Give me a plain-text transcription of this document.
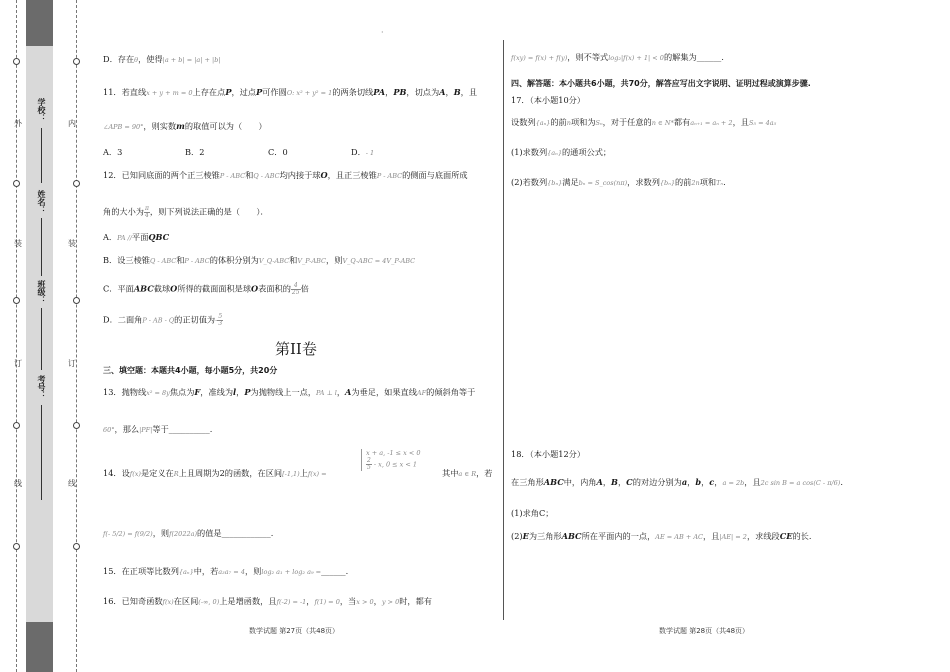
外
装
订
线
内
装
订
线
学校：
姓名：
班级：
考号：
·
D．存在θ，使得|a + b| = |a| + |b|
11．若直线x + y + m = 0上存在点P，过点P可作圆O: x² + y² = 1的两条切线PA，PB，切点为A，B，且
∠APB = 90°，则实数m的取值可以为（　　）
A．3	B．2	C．0	D．- 1
12．已知同底面的两个正三棱锥P - ABC和Q - ABC均内接于球O，且正三棱锥P - ABC的侧面与底面所成
角的大小为 $\frac{\pi}{4}$ ，则下列说法正确的是（　　）．
A．PA //平面QBC
B．设三棱锥Q - ABC和P - ABC的体积分别为V_Q-ABC和V_P-ABC，则V_Q-ABC = 4V_P-ABC
C．平面ABC截球O所得的截面面积是球O表面积的 $\frac{4}{25}$ 倍
D．二面角P - AB - Q的正切值为- $\frac{5}{3}$
第II卷
三、填空题：本题共4小题，每小题5分，共20分
13．抛物线x² = 8y焦点为F，准线为l，P为抛物线上一点，PA ⊥ l，A为垂足，如果直线AF的倾斜角等于
60°，那么|PF|等于__________.
14．设f(x)是定义在R上且周期为2的函数，在区间[-1,1)上f(x) =
x + a, -1 ≤ x < 0
$\frac{2}{5}$ - x, 0 ≤ x < 1
其中a ∈ R，若
f(- 5/2) = f(9/2)，则f(2022a)的值是____________.
15．在正项等比数列{aₙ}中，若a₃a₇ = 4，则log₂ a₁ + log₂ a₉ =______.
16．已知奇函数f(x)在区间(-∞, 0)上是增函数，且f(-2) = -1，f(1) = 0，当x > 0，y > 0时，都有
数学试题 第27页（共48页）
f(xy) = f(x) + f(y)，则不等式log₂|f(x) + 1| < 0的解集为______.
四、解答题：本小题共6小题，共70分，解答应写出文字说明、证明过程或演算步骤.
17．（本小题10分）
设数列{aₙ}的前n项和为Sₙ，对于任意的n ∈ N*都有aₙ₊₁ = aₙ + 2，且S₅ = 4a₅
(1)求数列{aₙ}的通项公式；
(2)若数列{bₙ}满足bₙ = S_cos(nπ)，求数列{bₙ}的前2n项和Tₙ.
18．（本小题12分）
在三角形ABC中，内角A，B，C的对边分别为a，b，c，a = 2b，且2c sin B = a cos(C - π/6).
(1)求角C；
(2)E为三角形ABC所在平面内的一点，AE = AB + AC，且|AE| = 2，求线段CE的长.
数学试题 第28页（共48页）
